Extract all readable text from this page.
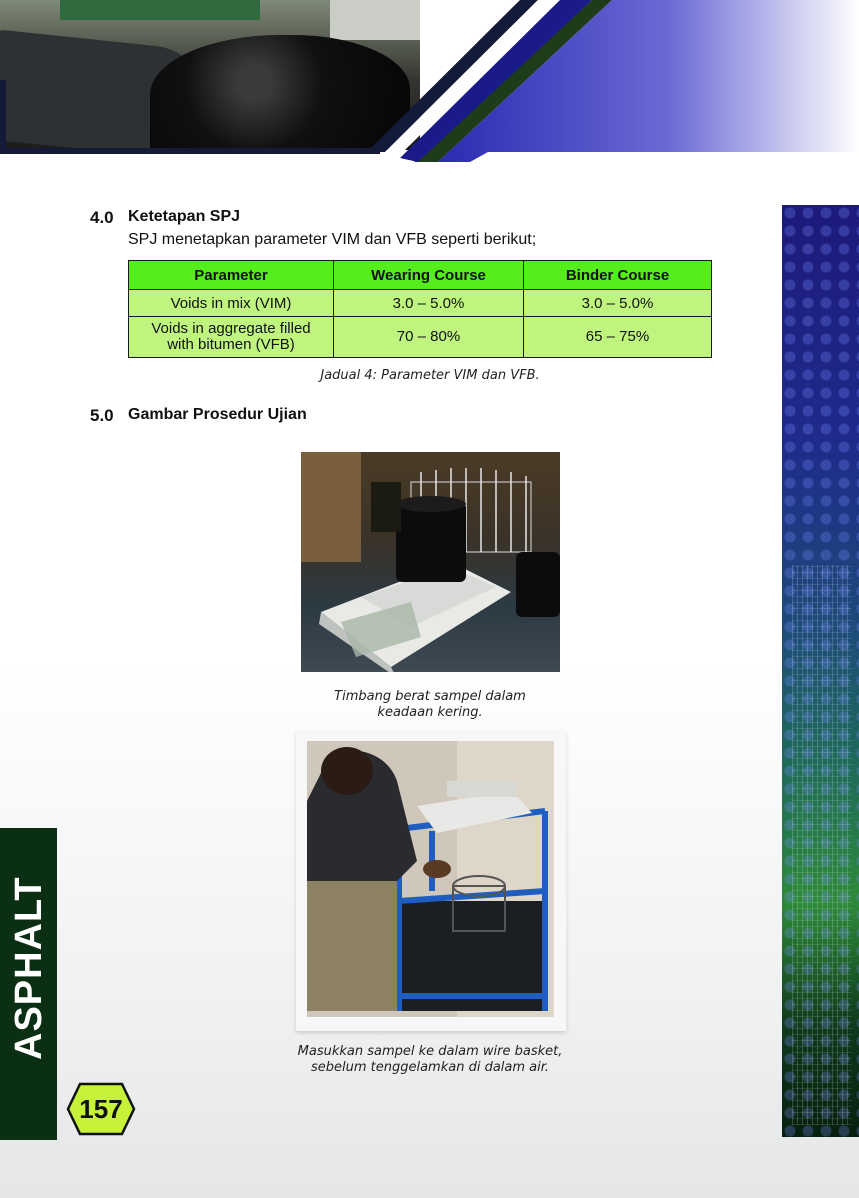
ASPHALT
157
4.0 Ketetapan SPJ
SPJ menetapkan parameter VIM dan VFB seperti berikut;
Parameter	Wearing Course	Binder Course
Voids in mix (VIM)	3.0 – 5.0%	3.0 – 5.0%

Voids in aggregate filled
with bitumen (VFB)	70 – 80%	65 – 75%
Jadual 4: Parameter VIM dan VFB.
5.0 Gambar Prosedur Ujian
Timbang berat sampel dalam
keadaan kering.
Masukkan sampel ke dalam wire basket,
sebelum tenggelamkan di dalam air.
